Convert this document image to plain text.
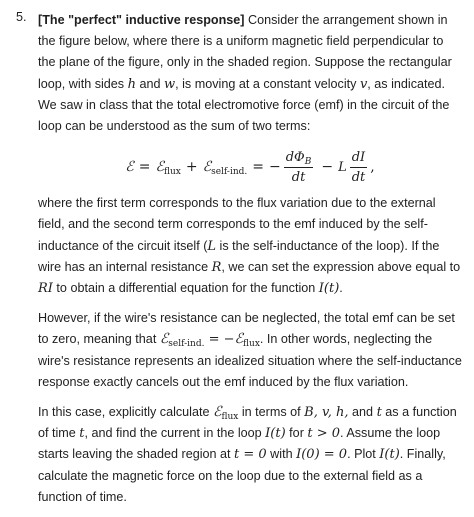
5. [The "perfect" inductive response] Consider the arrangement shown in the figure below, where there is a uniform magnetic field perpendicular to the plane of the figure, only in the shaded region. Suppose the rectangular loop, with sides h and w, is moving at a constant velocity v, as indicated. We saw in class that the total electromotive force (emf) in the circuit of the loop can be understood as the sum of two terms:

ℰ = ℰ$_{flux}$ + ℰ$_{self-ind.}$ = − $\frac{d\Phi_B}{dt} - L \frac{dI}{dt}$ ,

where the first term corresponds to the flux variation due to the external field, and the second term corresponds to the emf induced by the self-inductance of the circuit itself (L is the self-inductance of the loop). If the wire has an internal resistance R, we can set the expression above equal to RI to obtain a differential equation for the function I(t).

However, if the wire's resistance can be neglected, the total emf can be set to zero, meaning that ℰ$_{self-ind.}$ = −ℰ$_{flux}$. In other words, neglecting the wire's resistance represents an idealized situation where the self-inductance response exactly cancels out the emf induced by the flux variation.

In this case, explicitly calculate ℰ$_{flux}$ in terms of B, v, h, and t as a function of time t, and find the current in the loop I(t) for t > 0. Assume the loop starts leaving the shaded region at t = 0 with I(0) = 0. Plot I(t). Finally, calculate the magnetic force on the loop due to the external field as a function of time.
